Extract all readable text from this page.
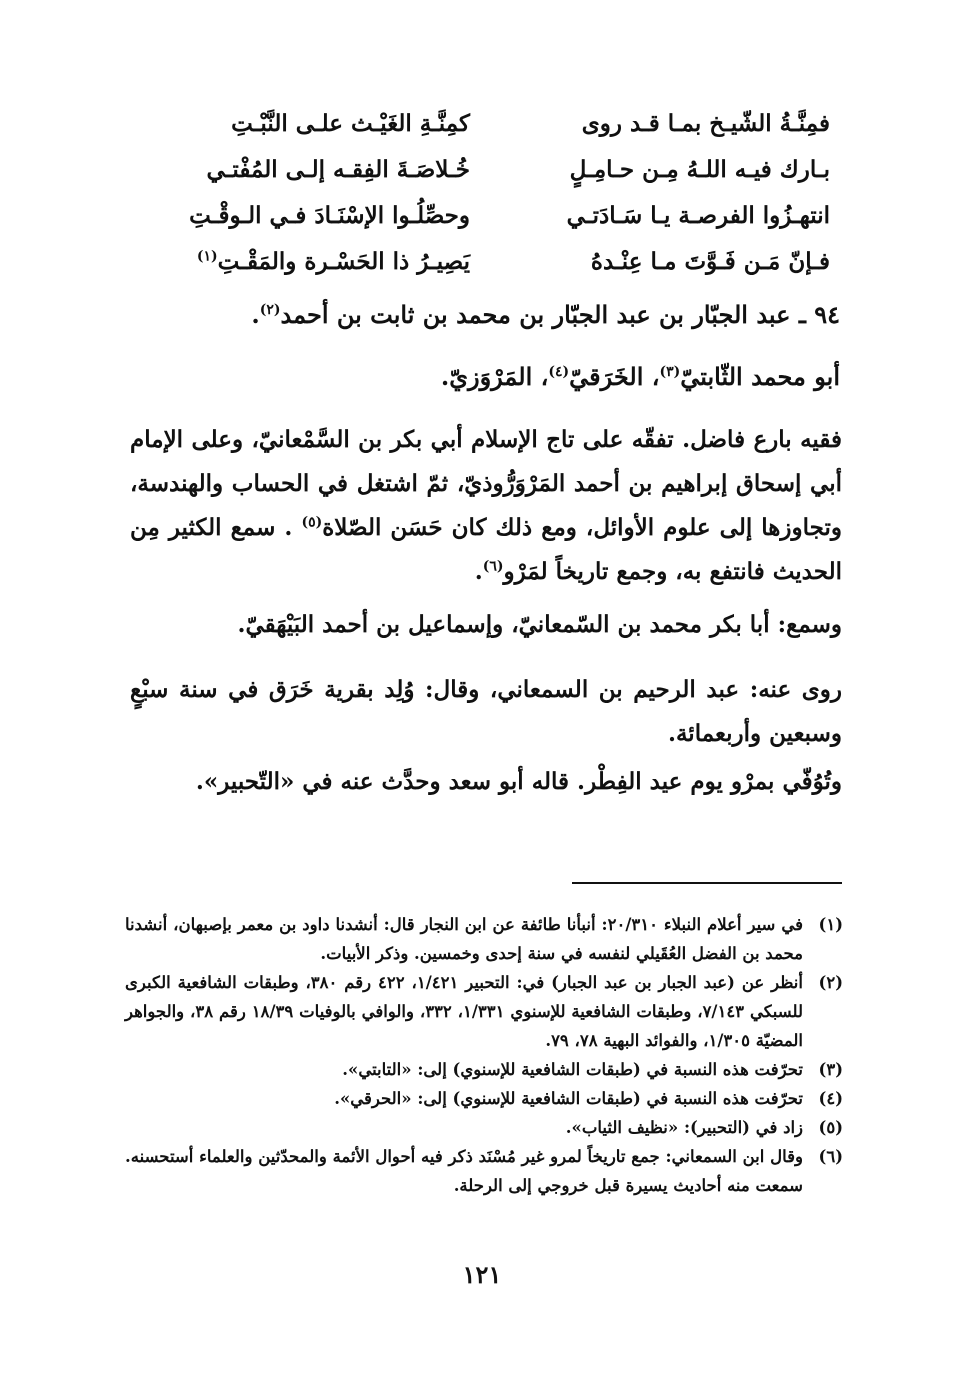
فمِنَّـةُ الشّيـخ بمـا قـد روى
كمِنَّـةِ الغَيْـث علـى النَّبْـتِ
بـارك فيـه اللـهُ مِـن حـامِـلٍ
خُـلاصَـةَ الفِقـه إلـى المُفْتـي
انتهـزُوا الفرصـة يـا سَـادَتـي
وحصِّلُـوا الإسْنَـادَ فـي الـوقْـتِ
فـإنّ مَـن فَـوَّتَ مـا عِنْـدهُ
يَصِيـرُ ذا الحَسْـرة والمَقْـتِ$^{(١)}$
٩٤ ـ عبد الجبّار بن عبد الجبّار بن محمد بن ثابت بن أحمد$^{(٢)}$.
أبو محمد الثّابتيّ$^{(٣)}$، الخَرَقيّ$^{(٤)}$، المَرْوَزيّ.
فقيه بارع فاضل. تفقّه على تاج الإسلام أبي بكر بن السَّمْعانيّ، وعلى الإمام أبي إسحاق إبراهيم بن أحمد المَرْوَرُّوذيّ، ثمّ اشتغل في الحساب والهندسة، وتجاوزها إلى علوم الأوائل، ومع ذلك كان حَسَن الصّلاة$^{(٥)}$ . سمع الكثير مِن الحديث فانتفع به، وجمع تاريخاً لمَرْو$^{(٦)}$.
وسمع: أبا بكر محمد بن السّمعانيّ، وإسماعيل بن أحمد البَيْهَقيّ.
روى عنه: عبد الرحيم بن السمعاني، وقال: وُلِد بقرية خَرَق في سنة سبْعٍ وسبعين وأربعمائة.
وتُوُفّي بمرْو يوم عيد الفِطْر. قاله أبو سعد وحدَّث عنه في «التّحبير».
(١)
في سير أعلام النبلاء ٢٠/٣١٠: أنبأنا طائفة عن ابن النجار قال: أنشدنا داود بن معمر بإصبهان، أنشدنا محمد بن الفضل العُقَيلي لنفسه في سنة إحدى وخمسين. وذكر الأبيات.
(٢)
أنظر عن (عبد الجبار بن عبد الجبار) في: التحبير ١/٤٢١، ٤٢٢ رقم ٣٨٠، وطبقات الشافعية الكبرى للسبكي ٧/١٤٣، وطبقات الشافعية للإسنوي ١/٣٣١، ٣٣٢، والوافي بالوفيات ١٨/٣٩ رقم ٣٨، والجواهر المضيّة ١/٣٠٥، والفوائد البهية ٧٨، ٧٩.
(٣)
تحرّفت هذه النسبة في (طبقات الشافعية للإسنوي) إلى: «التابتي».
(٤)
تحرّفت هذه النسبة في (طبقات الشافعية للإسنوي) إلى: «الحرقي».
(٥)
زاد في (التحبير): «نظيف الثياب».
(٦)
وقال ابن السمعاني: جمع تاريخاً لمرو غير مُسْنَد ذكر فيه أحوال الأئمة والمحدّثين والعلماء أستحسنه. سمعت منه أحاديث يسيرة قبل خروجي إلى الرحلة.
١٢١
